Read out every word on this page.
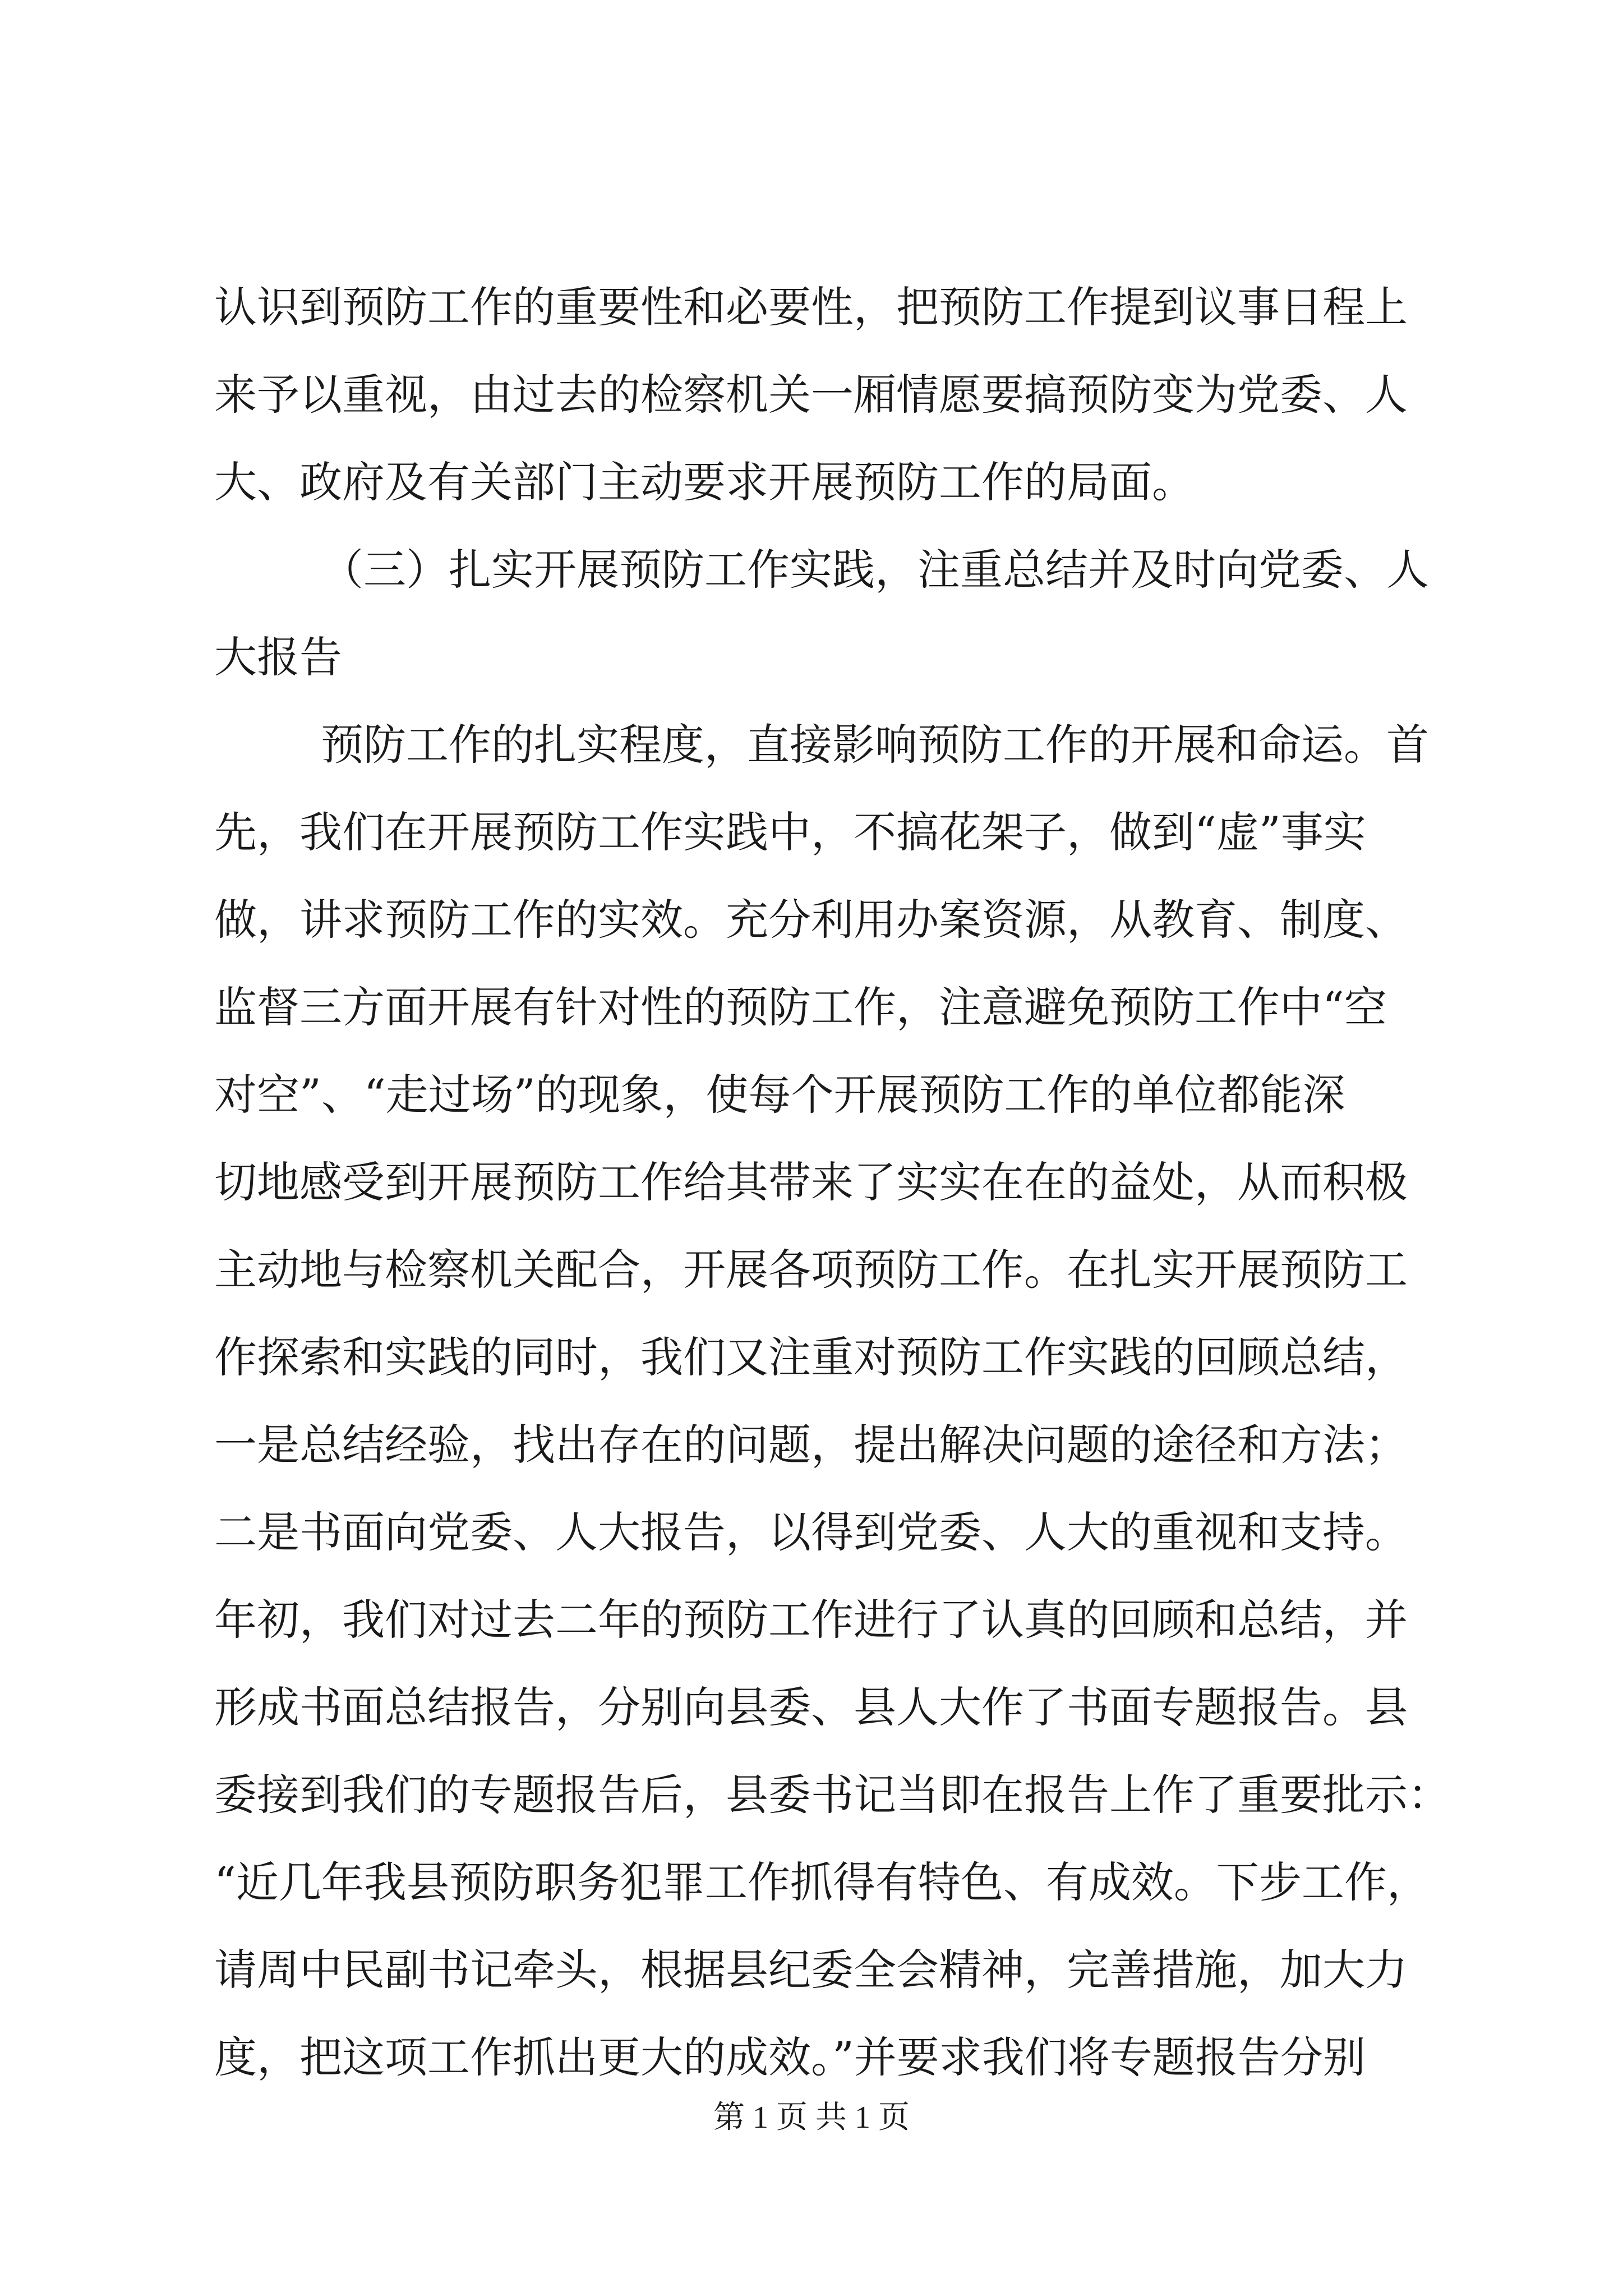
认识到预防工作的重要性和必要性，把预防工作提到议事日程上
来予以重视，由过去的检察机关一厢情愿要搞预防变为党委、人
大、政府及有关部门主动要求开展预防工作的局面。
（三）扎实开展预防工作实践，注重总结并及时向党委、人
大报告
预防工作的扎实程度，直接影响预防工作的开展和命运。首
先，我们在开展预防工作实践中，不搞花架子，做到“虚”事实
做，讲求预防工作的实效。充分利用办案资源，从教育、制度、
监督三方面开展有针对性的预防工作，注意避免预防工作中“空
对空”、“走过场”的现象，使每个开展预防工作的单位都能深
切地感受到开展预防工作给其带来了实实在在的益处，从而积极
主动地与检察机关配合，开展各项预防工作。在扎实开展预防工
作探索和实践的同时，我们又注重对预防工作实践的回顾总结，
一是总结经验，找出存在的问题，提出解决问题的途径和方法；
二是书面向党委、人大报告，以得到党委、人大的重视和支持。
年初，我们对过去二年的预防工作进行了认真的回顾和总结，并
形成书面总结报告，分别向县委、县人大作了书面专题报告。县
委接到我们的专题报告后，县委书记当即在报告上作了重要批示：
“近几年我县预防职务犯罪工作抓得有特色、有成效。下步工作，
请周中民副书记牵头，根据县纪委全会精神，完善措施，加大力
度，把这项工作抓出更大的成效。”并要求我们将专题报告分别
第 1 页 共 1 页
